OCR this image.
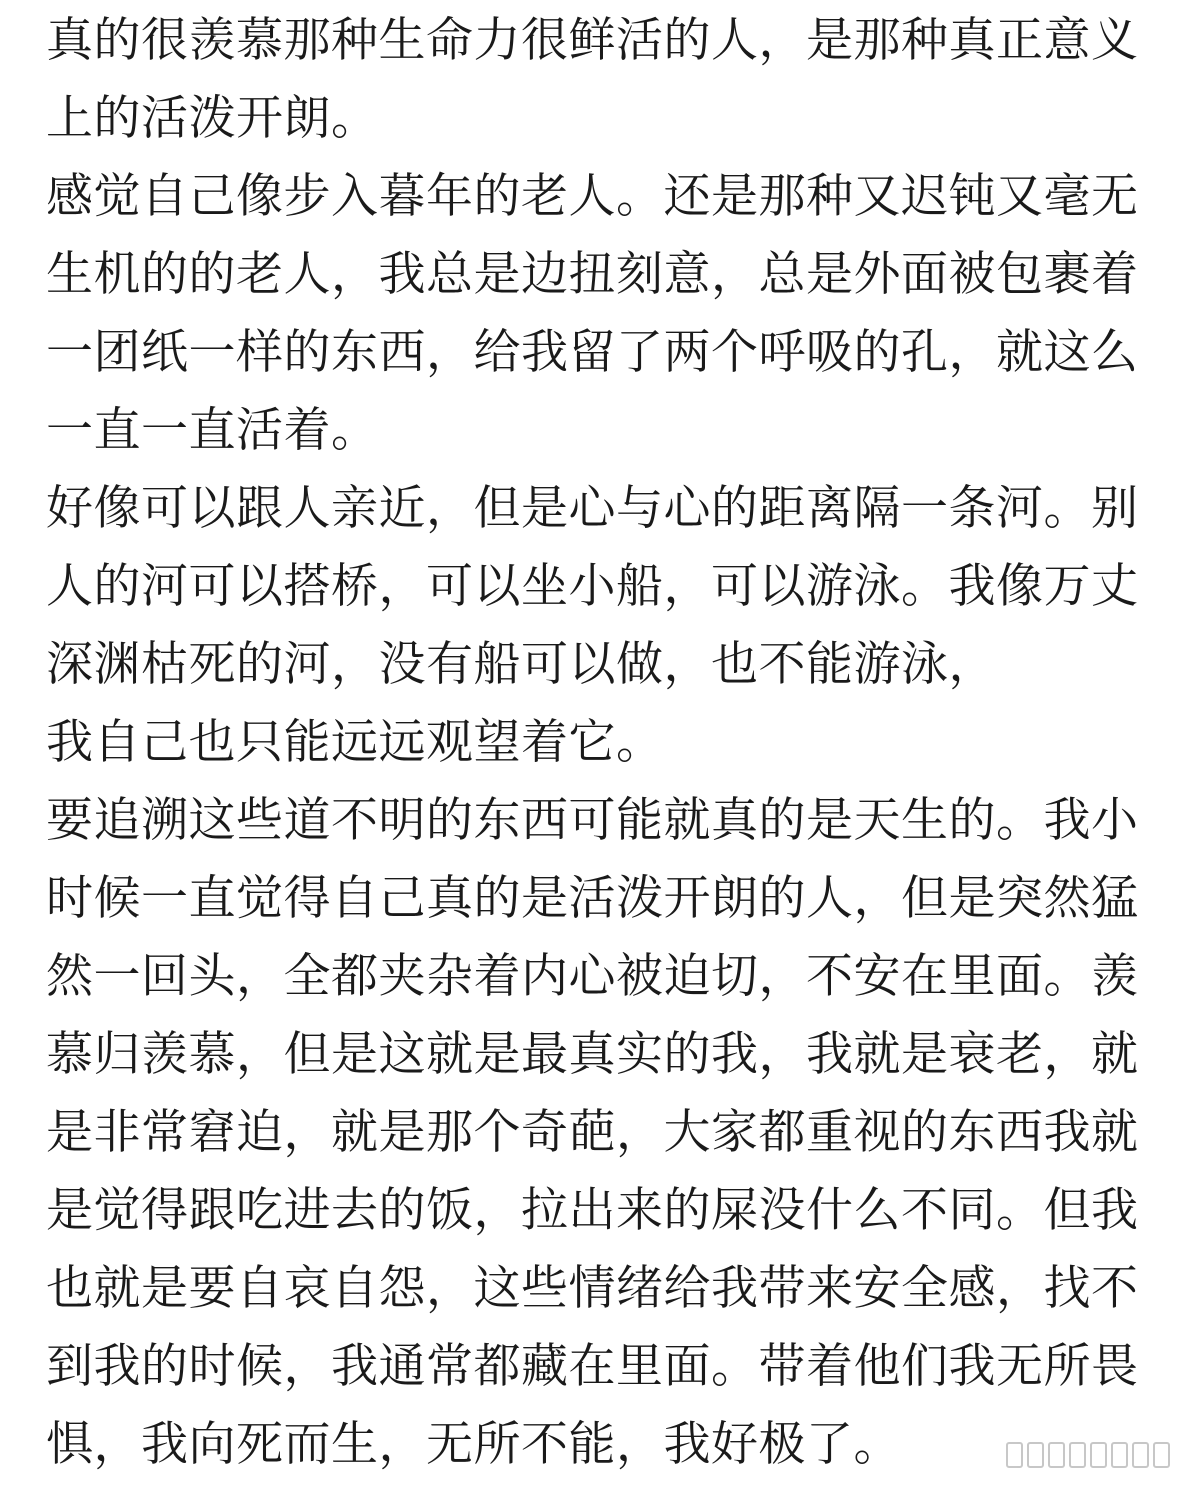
真的很羡慕那种生命力很鲜活的人，是那种真正意义
上的活泼开朗。
感觉自己像步入暮年的老人。还是那种又迟钝又毫无
生机的的老人，我总是边扭刻意，总是外面被包裹着
一团纸一样的东西，给我留了两个呼吸的孔，就这么
一直一直活着。
好像可以跟人亲近，但是心与心的距离隔一条河。别
人的河可以搭桥，可以坐小船，可以游泳。我像万丈
深渊枯死的河，没有船可以做，也不能游泳，
我自己也只能远远观望着它。
要追溯这些道不明的东西可能就真的是天生的。我小
时候一直觉得自己真的是活泼开朗的人，但是突然猛
然一回头，全都夹杂着内心被迫切，不安在里面。羡
慕归羡慕，但是这就是最真实的我，我就是衰老，就
是非常窘迫，就是那个奇葩，大家都重视的东西我就
是觉得跟吃进去的饭，拉出来的屎没什么不同。但我
也就是要自哀自怨，这些情绪给我带来安全感，找不
到我的时候，我通常都藏在里面。带着他们我无所畏
惧，我向死而生，无所不能，我好极了。
